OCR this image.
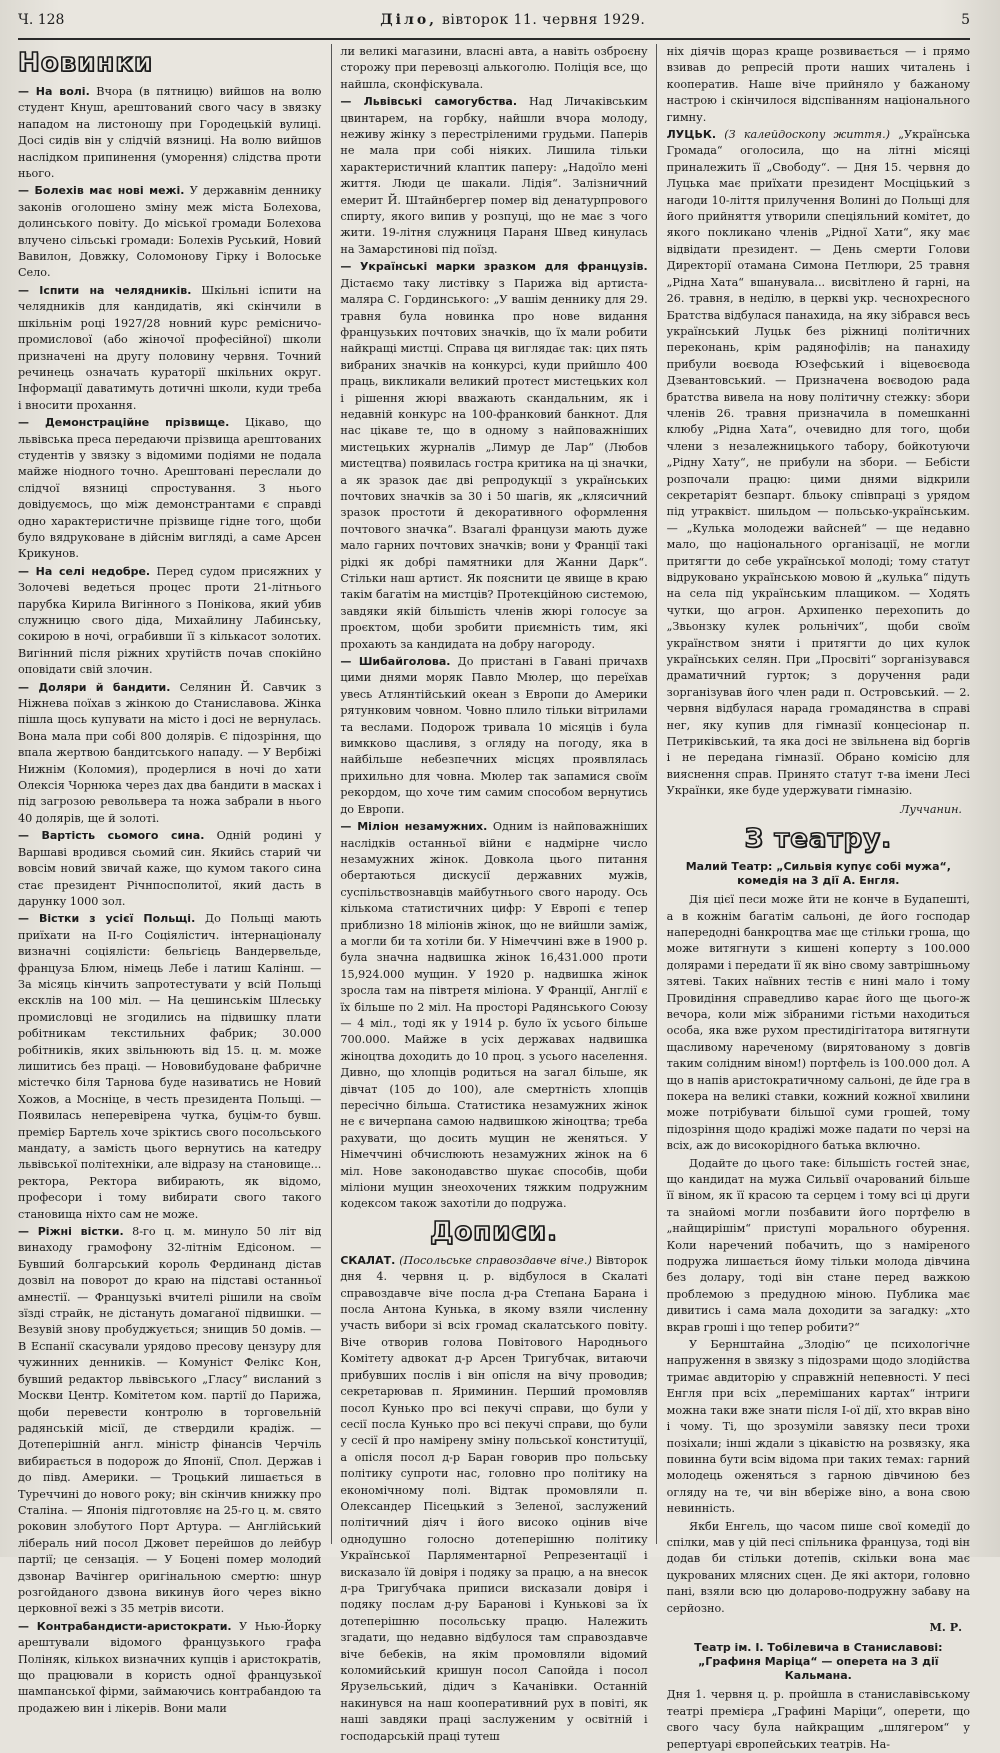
Ч. 128	Діло, вівторок 11. червня 1929.	5
Новинки

— На волі. Вчора (в пятницю) вийшов на волю студент Кнуш, арештований свого часу в звязку нападом на листоношу при Городецькій вулиці. Досі сидів він у слідчій вязниці. На волю вийшов наслідком припинення (уморення) слідства проти нього.

— Болехів має нові межі. У державнім деннику законів оголошено зміну меж міста Болехова, долинського повіту. До міської громади Болехова влучено сільські громади: Болехів Руський, Новий Вавилон, Довжку, Соломонову Гірку і Волоське Село.

— Іспити на челядників. Шкільні іспити на челядників для кандидатів, які скінчили в шкільнім році 1927/28 новний курс ремісничо-промислової (або жіночої професійної) школи призначені на другу половину червня. Точний речинець означать кураторії шкільних округ. Інформації даватимуть дотичні школи, куди треба і вносити прохання.

— Демонстраційне прізвище. Цікаво, що львівська преса передаючи прізвища арештованих студентів у звязку з відомими подіями не подала майже ніодного точно. Арештовані переслали до слідчої вязниці спростування. З нього довідуємось, що між демонстрантами є справді одно характеристичне прізвище гідне того, щоби було вядруковане в дійснім вигляді, а саме Арсен Крикунов.

— На селі недобре. Перед судом присяжних у Золочеві ведеться процес проти 21-літнього парубка Кирила Вигінного з Понікова, який убив служницю свого діда, Михайлину Лабинську, сокирою в ночі, ограбивши її з кількасот золотих. Вигінний після ріжних хрутійств почав спокійно оповідати свій злочин.

— Доляри й бандити. Селянин Й. Савчик з Ніжнева поїхав з жінкою до Станиславова. Жінка пішла щось купувати на місто і досі не вернулась. Вона мала при собі 800 долярів. Є підозріння, що впала жертвою бандитського нападу. — У Вербіжі Нижнім (Коломия), продерлися в ночі до хати Олексія Чорнюка через дах два бандити в масках і під загрозою револьвера та ножа забрали в нього 40 долярів, ще й золоті.

— Вартість сьомого сина. Одній родині у Варшаві вродився сьомий син. Якийсь старий чи вовсім новий звичай каже, що кумом такого сина стає президент Річнпосполитої, який дасть в дарунку 1000 зол.

— Вістки з усієї Польщі. До Польщі мають приїхати на II-го Соціялістич. інтернаціоналу визначні соціялісти: бельгієць Вандервельде, француза Блюм, німець Лебе і латиш Калінш. — За місяць кінчить запротестувати у всій Польщі ексклів на 100 міл. — На цешинськім Шлеську промисловці не згодились на підвишку плати робітникам текстильних фабрик; 30.000 робітників, яких звільнюють від 15. ц. м. може лишитись без праці. — Нововибудоване фабричне містечко біля Тарнова буде називатись не Новий Хожов, а Мосніце, в честь президента Польщі. — Появилась неперевірена чутка, буцім-то бувш. премієр Бартель хоче зріктись свого посольського мандату, а замість цього вернутись на катедру львівської політехніки, але відразу на становище... ректора, Ректора вибирають, як відомо, професори і тому вибирати свого такого становища ніхто сам не може.

— Ріжні вістки. 8-го ц. м. минуло 50 літ від винаходу грамофону 32-літнім Едісоном. — Бувший болгарський король Фердинанд дістав дозвіл на поворот до краю на підставі останньої амнестії. — Французькі вчителі рішили на своїм зїзді страйк, не дістануть домаганої підвишки. — Везувій знову пробуджується; знищив 50 домів. — В Еспанії скасували урядово пресову цензуру для чужинних денників. — Комуніст Фелікс Кон, бувший редактор львівського „Гласу“ висланий з Москви Центр. Комітетом ком. партії до Парижа, щоби перевести контролю в торговельній радянській місії, де ствердили крадіж. — Дотеперішній англ. міністр фінансів Черчіль вибирається в подорож до Японії, Спол. Держав і до півд. Америки. — Троцький лишається в Туреччині до нового року; він скінчив книжку про Сталіна. — Японія підготовляє на 25-го ц. м. свято роковин злобутого Порт Артура. — Англійський лібераль ний посол Джовет перейшов до лейбур партії; це сензація. — У Боцені помер молодий дзвонар Вачінгер оригінальною смертю: шнур розгойданого дзвона викинув його через вікно церковної вежі з 35 метрів висоти.

— Контрабандисти-аристократи. У Нью-Йорку арештували відомого французького графа Поліняк, кількох визначних купців і аристократів, що працювали в користь одної французької шампанської фірми, займаючись контрабандою та продажею вин і лікерів. Вони мали

ли великі магазини, власні авта, а навіть озброєну сторожу при перевозці алькоголю. Поліція все, що найшла, сконфіскувала.

— Львівські самогубства. Над Личаківським цвинтарем, на горбку, найшли вчора молоду, неживу жінку з перестріленими грудьми. Паперів не мала при собі ніяких. Лишила тільки характеристичний клаптик паперу: „Надоїло мені життя. Люди це шакали. Лідія“. Залізничний емерит Й. Штайнбергер помер від денатурпрового спирту, якого випив у розпуці, що не має з чого жити. 19-літня служниця Параня Швед кинулась на Замарстинові під поїзд.

— Українські марки зразком для французів. Дістаємо таку листівку з Парижа від артиста-маляра С. Гординського: „У вашім деннику для 29. травня була новинка про нове видання французьких почтових значків, що їх мали робити найкращі мистці. Справа ця виглядає так: цих пять вибраних значків на конкурсі, куди прийшло 400 праць, викликали великий протест мистецьких кол і рішення жюрі вважають скандальним, як і недавній конкурс на 100-франковий банкнот. Для нас цікаве те, що в одному з найповажніших мистецьких журналів „Лимур де Лар“ (Любов мистецтва) появилась гостра критика на ці значки, а як зразок дає дві репродукції з українських почтових значків за 30 і 50 шагів, як „клясичний зразок простоти й декоративного оформлення почтового значка“. Взагалі французи мають дуже мало гарних почтових значків; вони у Франції такі рідкі як добрі памятники для Жанни Дарк“. Стільки наш артист. Як пояснити це явище в краю такім багатім на мистців? Протекційною системою, завдяки якій більшість членів жюрі голосує за проєктом, щоби зробити приємність тим, які прохають за кандидата на добру нагороду.

— Шибайголова. До пристані в Гавані причахв цими днями моряк Павло Мюлер, що переїхав увесь Атлянтійський океан з Европи до Америки рятунковим човном. Човно плило тільки вітрилами та веслами. Подорож тривала 10 місяців і була вимкково щасливя, з огляду на погоду, яка в найбільше небезпечних місцях проявлялась прихильно для човна. Мюлер так запамися своїм рекордом, що хоче тим самим способом вернутись до Европи.

— Міліон незамужних. Одним із найповажніших наслідків останньої війни є надмірне число незамужних жінок. Довкола цього питання обертаються дискусії державних мужів, суспільствознавців майбутнього свого народу. Ось кількома статистичних цифр: У Европі є тепер приблизно 18 міліонів жінок, що не вийшли заміж, а могли би та хотіли би. У Німеччині вже в 1900 р. була значна надвишка жінок 16,431.000 проти 15,924.000 мущин. У 1920 р. надвишка жінок зросла там на півтретя міліона. У Франції, Англії є їх більше по 2 міл. На просторі Радянського Союзу — 4 міл., тоді як у 1914 р. було їх усього більше 700.000. Майже в усіх державах надвишка жіноцтва доходить до 10 проц. з усього населення. Дивно, що хлопців родиться на загал більше, як дівчат (105 до 100), але смертність хлопців пересічно більша. Статистика незамужних жінок не є вичерпана самою надвишкою жіноцтва; треба рахувати, що досить мущин не женяться. У Німеччині обчислюють незамужних жінок на 6 міл. Нове законодавство шукає способів, щоби міліони мущин знеохочених тяжким подружним кодексом також захотіли до подружа.

Дописи.

СКАЛАТ. (Посольське справоздавче віче.) Вівторок дня 4. червня ц. р. відбулося в Скалаті справоздавче віче посла д-ра Степана Барана і посла Антона Кунька, в якому взяли численну участь вибори зі всіх громад скалатського повіту. Віче отворив голова Повітового Народнього Комітету адвокат д-р Арсен Тригубчак, витаючи прибувших послів і він опісля на вічу проводив; секретарював п. Яриминин. Перший промовляв посол Кунько про всі пекучі справи, що були у сесії посла Кунько про всі пекучі справи, що були у сесії й про намірену зміну польської конституції, а опісля посол д-р Баран говорив про польську політику супроти нас, головно про політику на економічному полі. Відтак промовляли п. Олександер Пісецький з Зеленої, заслужений політичний діяч і його високо оцінив віче однодушно голосно дотеперішню політику Української Парляментарної Репрезентації і висказало їй довіря і подяку за працю, а на внесок д-ра Тригубчака приписи висказали довіря і подяку послам д-ру Баранові і Кунькові за їх дотеперішню посольську працю. Належить згадати, що недавно відбулося там справоздавче віче бебеків, на якім промовляли відомий коломийський кришун посол Сапойда і посол Ярузельський, дідич з Качанівки. Останній накинувся на наш кооперативний рух в повіті, як наші завдяки праці заслуженим у освітній і господарській праці тутеш

ніх діячів щораз краще розвивається — і прямо взивав до репресій проти наших читалень і кооператив. Наше віче прийняло у бажаному настрою і скінчилося відспіванням національного гимну.

ЛУЦЬК. (З калейдоскопу життя.) „Українська Громада“ оголосила, що на літні місяці приналежить її „Свободу“. — Дня 15. червня до Луцька має приїхати президент Мосціцький з нагоди 10-ліття прилучення Волині до Польщі для його прийняття утворили спеціяльний комітет, до якого покликано членів „Рідної Хати“, яку має відвідати президент. — День смерти Голови Директорії отамана Симона Петлюри, 25 травня „Рідна Хата“ вшанувала... висвітлено й гарні, на 26. травня, в неділю, в церкві укр. чеснохресного Братства відбулася панахида, на яку зібрався весь український Луцьк без ріжниці політичних переконань, крім радянофілів; на панахиду прибули воєвода Юзефський і віцевоєвода Дзевантовський. — Призначена воєводою рада братства вивела на нову політичну стежку: збори членів 26. травня призначила в помешканні клюбу „Рідна Хата“, очевидно для того, щоби члени з незалежницького табору, бойкотуючи „Рідну Хату“, не прибули на збори. — Бебісти розпочали працю: цими днями відкрили секретаріят безпарт. бльоку співпраці з урядом під утраквіст. шильдом — польсько-українським. — „Кулька молодежи вайсней“ — ще недавно мало, що національного організації, не могли притягти до себе української молоді; тому статут відруковано українською мовою й „кулька“ підуть на села під українським плащиком. — Ходять чутки, що агрон. Архипенко перехопить до „Звьонзку кулек рольнічих“, щоби своїм українством зняти і притягти до цих кулок українських селян. При „Просвіті“ зорганізувався драматичний гурток; з доручення ради зорганізував його член ради п. Островський. — 2. червня відбулася нарада громадянства в справі нег, яку купив для гімназії концесіонар п. Петриківський, та яка досі не звільнена від боргів і не передана гімназії. Обрано комісію для вияснення справ. Принято статут т-ва імени Лесі Українки, яке буде удержувати гімназію.

Луччанин.
З театру.
Малий Театр: „Сильвія купує собі мужа“, комедія на 3 дії А. Енгля.

Дія цієї песи може йти не конче в Будапешті, а в кожнім багатім сальоні, де його господар напередодні банкроцтва має ще стільки гроша, що може витягнути з кишені коперту з 100.000 долярами і передати її як віно свому завтрішньому зятеві. Таких наївних тестів є нині мало і тому Провидіння справедливо карає його ще цього-ж вечора, коли між зібраними гістьми находиться особа, яка вже рухом престидігітатора витягнути щасливому нареченому (вирятованому з довгів таким солідним віном!) портфель із 100.000 дол. А що в напів аристократичному сальоні, де йде гра в покера на великі ставки, кожний кожної хвилини може потрібувати більшої суми грошей, тому підозріння щодо крадіжі може падати по черзі на всіх, аж до високорідного батька включно.

Додайте до цього таке: більшість гостей знає, що кандидат на мужа Сильвії очарований більше її віном, як її красою та серцем і тому всі ці други та знайомі могли позбавити його портфелю в „найщирішім“ приступі морального обурення. Коли наречений побачить, що з наміреного подружа лишається йому тільки молода дівчина без долару, тоді він стане перед важкою проблемою з предудною міною. Публика має дивитись і сама мала доходити за загадку: „хто вкрав гроші і що тепер робити?“

У Бернштайна „Злодію“ це психологічне напруження в звязку з підозрами щодо злодійства тримає авдиторію у справжній непевності. У песі Енгля при всіх „перемішаних картах“ інтриги можна таки вже знати після I-ої дії, хто вкрав віно і чому. Ті, що зрозуміли завязку песи трохи позіхали; інші ждали з цікавістю на розвязку, яка повинна бути всім відома при таких темах: гарний молодець оженяться з гарною дівчиною без огляду на те, чи він вберіже віно, а вона свою невинність.

Якби Енгель, що часом пише свої комедії до спілки, мав у цій песі спільника француза, тоді він додав би стільки дотепів, скільки вона має цукрованих млясних сцен. Де які актори, головно пані, взяли всю цю доларово-подружну забаву на серйозно.

М. Р.
Театр ім. І. Тобілевича в Станиславові: „Графиня Маріца“ — оперета на 3 дії Кальмана.

Дня 1. червня ц. р. пройшла в станиславівському театрі премієра „Графині Маріци“, оперети, що свого часу була найкращим „шлягером“ у репертуарі європейських театрів. На-
